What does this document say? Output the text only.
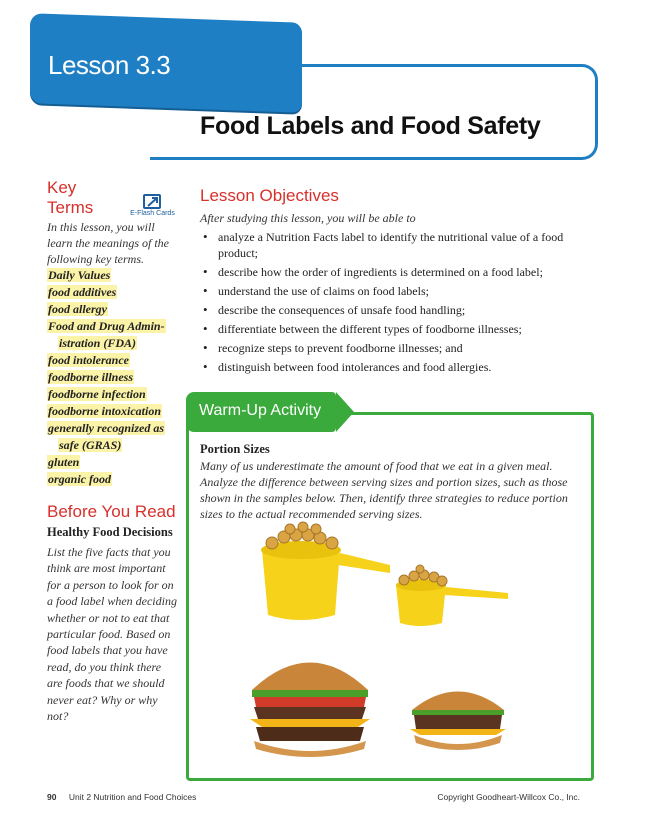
Lesson 3.3
Food Labels and Food Safety
Key Terms	E-Flash Cards

In this lesson, you will learn the meanings of the following key terms.

Daily Values
food additives
food allergy
Food and Drug Admin-
istration (FDA)
food intolerance
foodborne illness
foodborne infection
foodborne intoxication
generally recognized as
safe (GRAS)
gluten
organic food
Before You Read
Healthy Food Decisions

List the five facts that you think are most important for a person to look for on a food label when deciding whether or not to eat that particular food. Based on food labels that you have read, do you think there are foods that we should never eat? Why or why not?

Lesson Objectives

After studying this lesson, you will be able to

• analyze a Nutrition Facts label to identify the nutritional value of a food product;
• describe how the order of ingredients is determined on a food label;
• understand the use of claims on food labels;
• describe the consequences of unsafe food handling;
• differentiate between the different types of foodborne illnesses;
• recognize steps to prevent foodborne illnesses; and
• distinguish between food intolerances and food allergies.
Warm-Up Activity
Portion Sizes

Many of us underestimate the amount of food that we eat in a given meal. Analyze the difference between serving sizes and portion sizes, such as those shown in the samples below. Then, identify three strategies to reduce portion sizes to the actual recommended serving sizes.

90 Unit 2 Nutrition and Food Choices	Copyright Goodheart-Willcox Co., Inc.
